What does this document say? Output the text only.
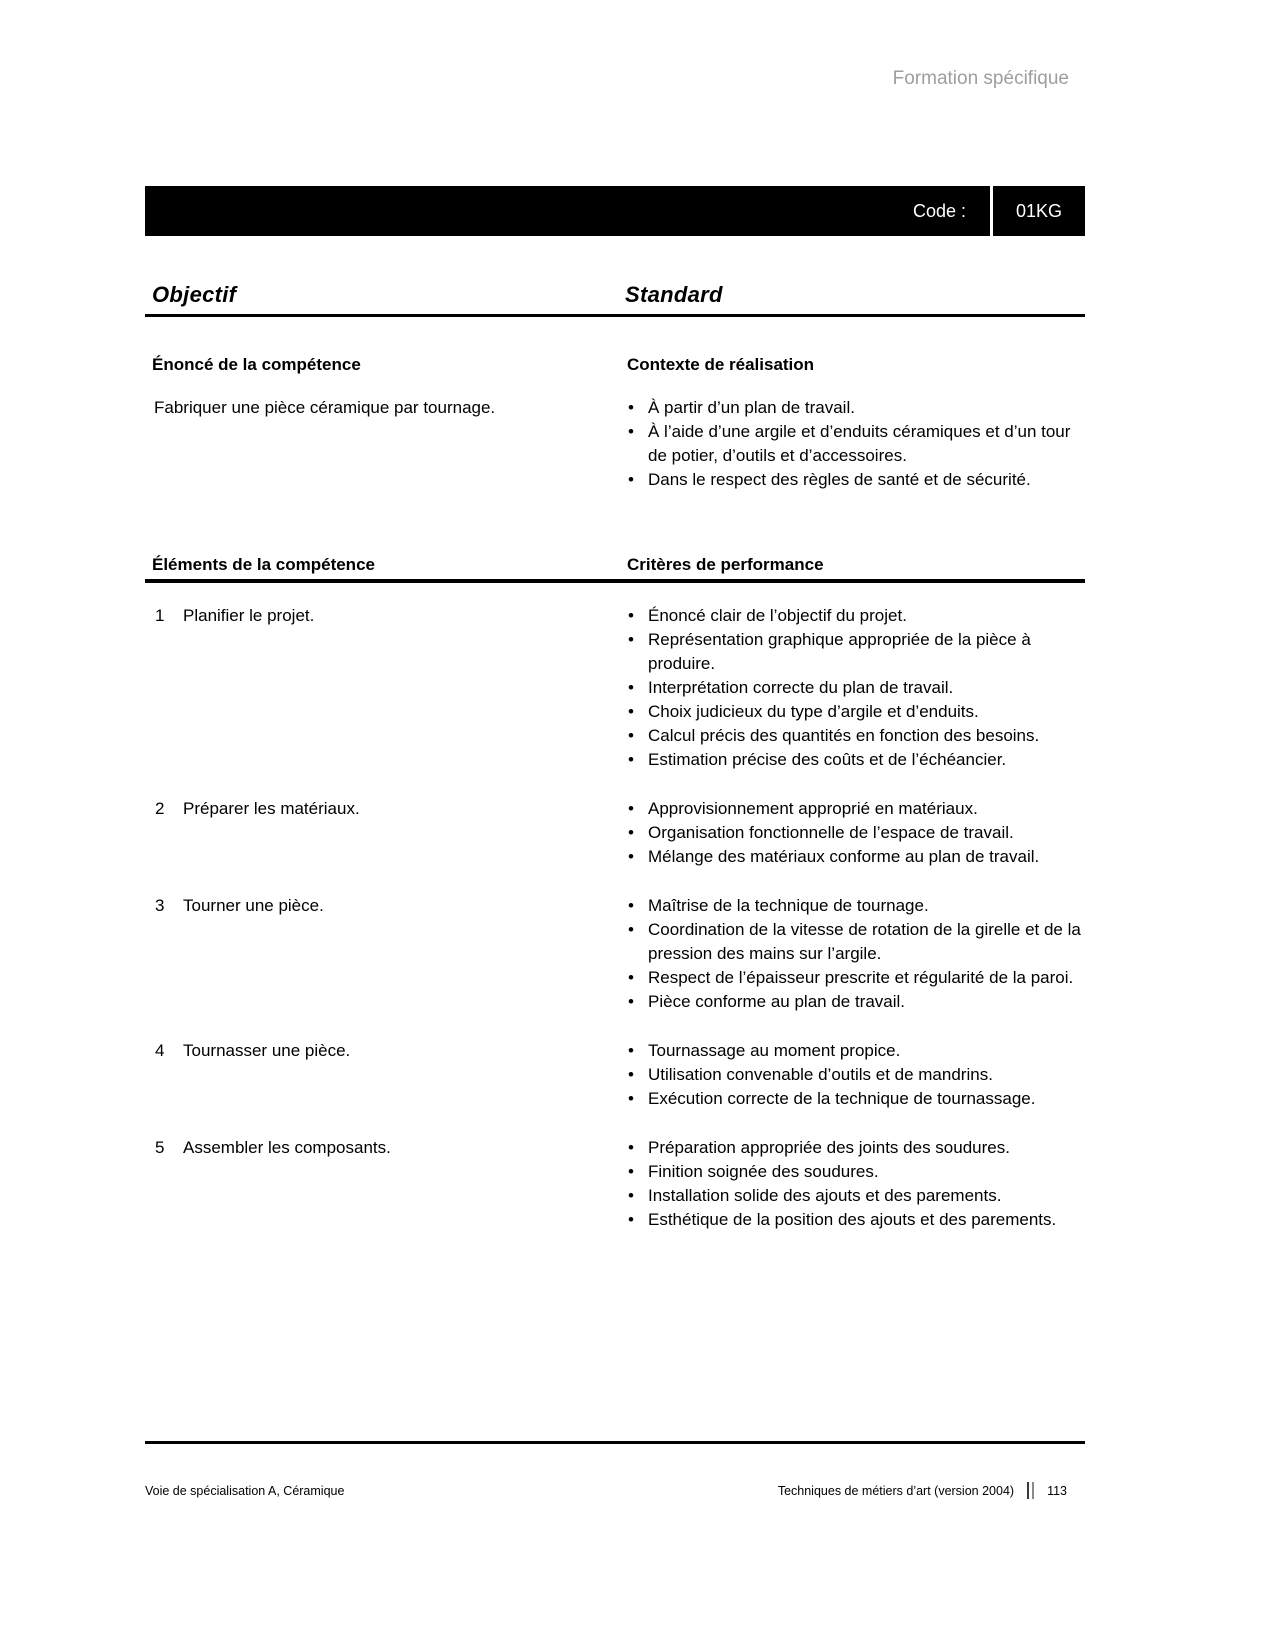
Formation spécifique
Code :	01KG
Objectif	Standard
Énoncé de la compétence	Contexte de réalisation
Fabriquer une pièce céramique par tournage.	• À partir d’un plan de travail.
• À l’aide d’une argile et d’enduits céramiques et d’un tour de potier, d’outils et d’accessoires.
• Dans le respect des règles de santé et de sécurité.
Éléments de la compétence	Critères de performance
1	Planifier le projet.	• Énoncé clair de l’objectif du projet.
• Représentation graphique appropriée de la pièce à produire.
• Interprétation correcte du plan de travail.
• Choix judicieux du type d’argile et d’enduits.
• Calcul précis des quantités en fonction des besoins.
• Estimation précise des coûts et de l’échéancier.
2	Préparer les matériaux.	• Approvisionnement approprié en matériaux.
• Organisation fonctionnelle de l’espace de travail.
• Mélange des matériaux conforme au plan de travail.
3	Tourner une pièce.	• Maîtrise de la technique de tournage.
• Coordination de la vitesse de rotation de la girelle et de la pression des mains sur l’argile.
• Respect de l’épaisseur prescrite et régularité de la paroi.
• Pièce conforme au plan de travail.
4	Tournasser une pièce.	• Tournassage au moment propice.
• Utilisation convenable d’outils et de mandrins.
• Exécution correcte de la technique de tournassage.
5	Assembler les composants.	• Préparation appropriée des joints des soudures.
• Finition soignée des soudures.
• Installation solide des ajouts et des parements.
• Esthétique de la position des ajouts et des parements.
Voie de spécialisation A, Céramique	Techniques de métiers d’art (version 2004)	113
